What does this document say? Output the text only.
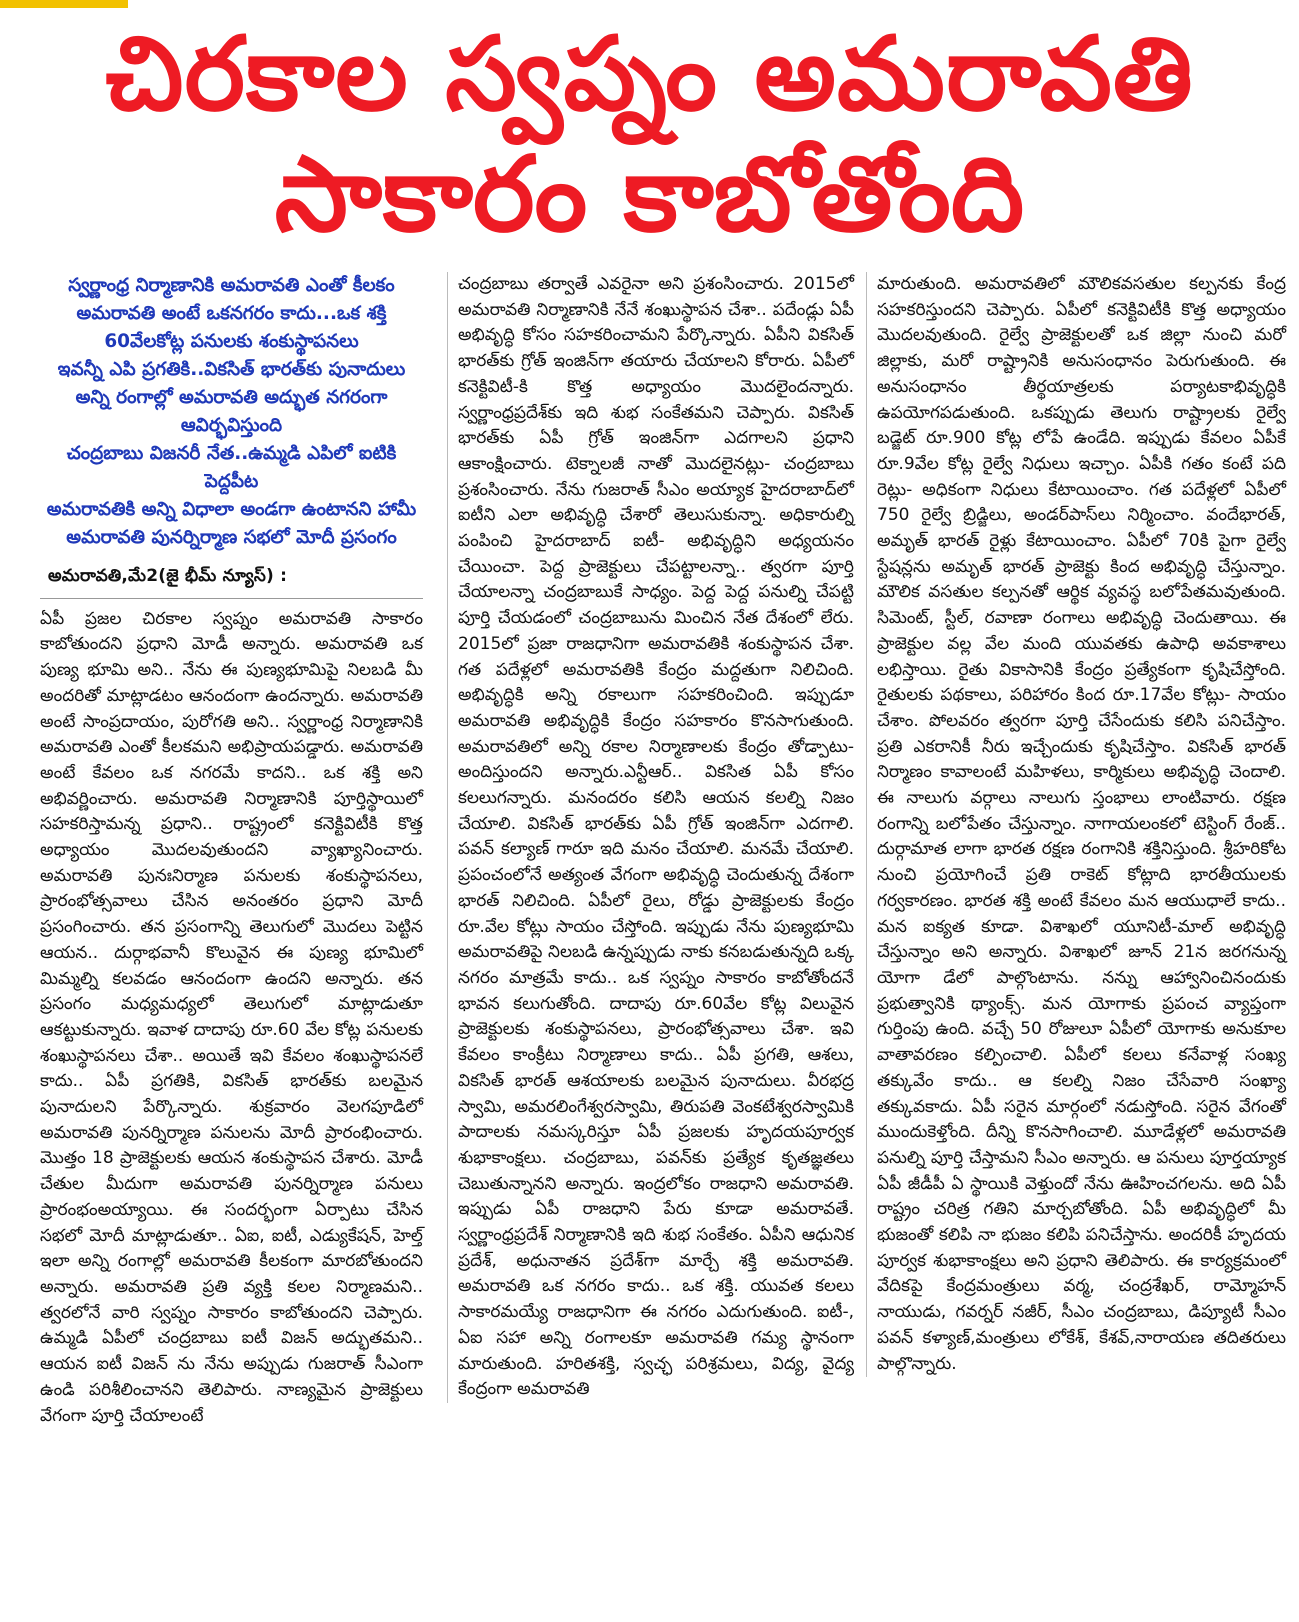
చిరకాల స్వప్నం అమరావతి
సాకారం కాబోతోంది
స్వర్ణాంధ్ర నిర్మాణానికి అమరావతి ఎంతో కీలకం
అమరావతి అంటే ఒకనగరం కాదు...ఒక శక్తి
60వేలకోట్ల పనులకు శంకుస్థాపనలు
ఇవన్నీ ఎపి ప్రగతికి..వికసిత్ భారత్‌కు పునాదులు
అన్ని రంగాల్లో అమరావతి అద్భుత నగరంగా ఆవిర్భవిస్తుంది
చంద్రబాబు విజనరీ నేత..ఉమ్మడి ఎపిలో ఐటికి పెద్దపీట
అమరావతికి అన్ని విధాలా అండగా ఉంటానని హామీ
అమరావతి పునర్నిర్మాణ సభలో మోదీ ప్రసంగం
అమరావతి,మే2(జై భీమ్ న్యూస్) :

ఏపీ ప్రజల చిరకాల స్వప్నం అమరావతి సాకారం కాబోతుందని ప్రధాని మోడీ అన్నారు. అమరావతి ఒక పుణ్య భూమి అని.. నేను ఈ పుణ్యభూమిపై నిలబడి మీ అందరితో మాట్లాడటం ఆనందంగా ఉందన్నారు. అమరావతి అంటే సాంప్రదాయం, పురోగతి అని.. స్వర్ణాంధ్ర నిర్మాణానికి అమరావతి ఎంతో కీలకమని అభిప్రాయపడ్డారు. అమరావతి అంటే కేవలం ఒక నగరమే కాదని.. ఒక శక్తి అని అభివర్ణించారు. అమరావతి నిర్మాణానికి పూర్తిస్థాయిలో సహకరిస్తామన్న ప్రధాని.. రాష్ట్రంలో కనెక్టివిటీకి కొత్త అధ్యాయం మొదలవుతుందని వ్యాఖ్యానించారు. అమరావతి పునఃనిర్మాణ పనులకు శంకుస్థాపనలు, ప్రారంభోత్సవాలు చేసిన అనంతరం ప్రధాని మోదీ ప్రసంగించారు. తన ప్రసంగాన్ని తెలుగులో మొదలు పెట్టిన ఆయన.. దుర్గాభవానీ కొలువైన ఈ పుణ్య భూమిలో మిమ్మల్ని కలవడం ఆనందంగా ఉందని అన్నారు. తన ప్రసంగం మధ్యమధ్యలో తెలుగులో మాట్లాడుతూ ఆకట్టుకున్నారు. ఇవాళ దాదాపు రూ.60 వేల కోట్ల పనులకు శంఖుస్థాపనలు చేశా.. అయితే ఇవి కేవలం శంఖుస్థాపనలే కాదు.. ఏపీ ప్రగతికి, వికసిత్ భారత్‌కు బలమైన పునాదులని పేర్కొన్నారు. శుక్రవారం వెలగపూడిలో అమరావతి పునర్నిర్మాణ పనులను మోదీ ప్రారంభించారు. మొత్తం 18 ప్రాజెక్టులకు ఆయన శంకుస్థాపన చేశారు. మోడీ చేతుల మీదుగా అమరావతి పునర్నిర్మాణ పనులు ప్రారంభంఅయ్యాయి. ఈ సందర్భంగా ఏర్పాటు చేసిన సభలో మోదీ మాట్లాడుతూ.. ఏఐ, ఐటీ, ఎడ్యుకేషన్, హెల్త్ ఇలా అన్ని రంగాల్లో అమరావతి కీలకంగా మారబోతుందని అన్నారు. అమరావతి ప్రతి వ్యక్తి కలల నిర్మాణమని.. త్వరలోనే వారి స్వప్నం సాకారం కాబోతుందని చెప్పారు. ఉమ్మడి ఏపీలో చంద్రబాబు ఐటీ విజన్ అద్భుతమని.. ఆయన ఐటీ విజన్ ను నేను అప్పుడు గుజరాత్ సీఎంగా ఉండి పరిశీలించానని తెలిపారు. నాణ్యమైన ప్రాజెక్టులు వేగంగా పూర్తి చేయాలంటే

చంద్రబాబు తర్వాతే ఎవరైనా అని ప్రశంసించారు. 2015లో అమరావతి నిర్మాణానికి నేనే శంఖుస్థాపన చేశా.. పదేండ్లు ఏపీ అభివృద్ధి కోసం సహకరించామని పేర్కొన్నారు. ఏపీని వికసిత్ భారత్‌కు గ్రోత్ ఇంజిన్‌గా తయారు చేయాలని కోరారు. ఏపీలో కనెక్టివిటీ-కి కొత్త అధ్యాయం మొదలైందన్నారు. స్వర్ణాంధ్రప్రదేశ్‌కు ఇది శుభ సంకేతమని చెప్పారు. వికసిత్ భారత్‌కు ఏపీ గ్రోత్ ఇంజిన్‌గా ఎదగాలని ప్రధాని ఆకాంక్షించారు. టెక్నాలజీ నాతో మొదలైనట్లు- చంద్రబాబు ప్రశంసించారు. నేను గుజరాత్ సీఎం అయ్యాక హైదరాబాద్‌లో ఐటీని ఎలా అభివృద్ధి చేశారో తెలుసుకున్నా. అధికారుల్ని పంపించి హైదరాబాద్ ఐటీ- అభివృద్ధిని అధ్యయనం చేయించా. పెద్ద ప్రాజెక్టులు చేపట్టాలన్నా.. త్వరగా పూర్తి చేయాలన్నా చంద్రబాబుకే సాధ్యం. పెద్ద పెద్ద పనుల్ని చేపట్టి పూర్తి చేయడంలో చంద్రబాబును మించిన నేత దేశంలో లేరు. 2015లో ప్రజా రాజధానిగా అమరావతికి శంకుస్థాపన చేశా. గత పదేళ్లలో అమరావతికి కేంద్రం మద్దతుగా నిలిచింది. అభివృద్ధికి అన్ని రకాలుగా సహకరించింది. ఇప్పుడూ అమరావతి అభివృద్ధికి కేంద్రం సహకారం కొనసాగుతుంది. అమరావతిలో అన్ని రకాల నిర్మాణాలకు కేంద్రం తోడ్పాటు- అందిస్తుందని అన్నారు.ఎన్టీఆర్.. వికసిత ఏపీ కోసం కలలుగన్నారు. మనందరం కలిసి ఆయన కలల్ని నిజం చేయాలి. వికసిత్ భారత్‌కు ఏపీ గ్రోత్ ఇంజిన్‌గా ఎదగాలి. పవన్ కల్యాణ్ గారూ ఇది మనం చేయాలి. మనమే చేయాలి. ప్రపంచంలోనే అత్యంత వేగంగా అభివృద్ధి చెందుతున్న దేశంగా భారత్ నిలిచింది. ఏపీలో రైలు, రోడ్డు ప్రాజెక్టులకు కేంద్రం రూ.వేల కోట్లు సాయం చేస్తోంది. ఇప్పుడు నేను పుణ్యభూమి అమరావతిపై నిలబడి ఉన్నప్పుడు నాకు కనబడుతున్నది ఒక్క నగరం మాత్రమే కాదు.. ఒక స్వప్నం సాకారం కాబోతోందనే భావన కలుగుతోంది. దాదాపు రూ.60వేల కోట్ల విలువైన ప్రాజెక్టులకు శంకుస్థాపనలు, ప్రారంభోత్సవాలు చేశా. ఇవి కేవలం కాంక్రీటు నిర్మాణాలు కాదు.. ఏపీ ప్రగతి, ఆశలు, వికసిత్ భారత్ ఆశయాలకు బలమైన పునాదులు. వీరభద్ర స్వామి, అమరలింగేశ్వరస్వామి, తిరుపతి వెంకటేశ్వరస్వామికి పాదాలకు నమస్కరిస్తూ ఏపీ ప్రజలకు హృదయపూర్వక శుభాకాంక్షలు. చంద్రబాబు, పవన్‌కు ప్రత్యేక కృతజ్ఞతలు చెబుతున్నానని అన్నారు. ఇంద్రలోకం రాజధాని అమరావతి. ఇప్పుడు ఏపీ రాజధాని పేరు కూడా అమరావతే. స్వర్ణాంధ్రప్రదేశ్ నిర్మాణానికి ఇది శుభ సంకేతం. ఏపీని ఆధునిక ప్రదేశ్, అధునాతన ప్రదేశ్‌గా మార్చే శక్తి అమరావతి. అమరావతి ఒక నగరం కాదు.. ఒక శక్తి. యువత కలలు సాకారమయ్యే రాజధానిగా ఈ నగరం ఎదుగుతుంది. ఐటీ-, ఏఐ సహా అన్ని రంగాలకూ అమరావతి గమ్య స్థానంగా మారుతుంది. హరితశక్తి, స్వచ్ఛ పరిశ్రమలు, విద్య, వైద్య కేంద్రంగా అమరావతి

మారుతుంది. అమరావతిలో మౌలికవసతుల కల్పనకు కేంద్ర సహకరిస్తుందని చెప్పారు. ఏపీలో కనెక్టివిటీకి కొత్త అధ్యాయం మొదలవుతుంది. రైల్వే ప్రాజెక్టులతో ఒక జిల్లా నుంచి మరో జిల్లాకు, మరో రాష్ట్రానికి అనుసంధానం పెరుగుతుంది. ఈ అనుసంధానం తీర్థయాత్రలకు పర్యాటకాభివృద్ధికి ఉపయోగపడుతుంది. ఒకప్పుడు తెలుగు రాష్ట్రాలకు రైల్వే బడ్జెట్ రూ.900 కోట్ల లోపే ఉండేది. ఇప్పుడు కేవలం ఏపీకే రూ.9వేల కోట్ల రైల్వే నిధులు ఇచ్చాం. ఏపీకి గతం కంటే పది రెట్లు- అధికంగా నిధులు కేటాయించాం. గత పదేళ్లలో ఏపీలో 750 రైల్వే బ్రిడ్జిలు, అండర్‌పాస్‌లు నిర్మించాం. వందేభారత్, అమృత్ భారత్ రైళ్లు కేటాయించాం. ఏపీలో 70కి పైగా రైల్వే స్టేషన్లను అమృత్ భారత్ ప్రాజెక్టు కింద అభివృద్ధి చేస్తున్నాం. మౌలిక వసతుల కల్పనతో ఆర్థిక వ్యవస్థ బలోపేతమవుతుంది. సిమెంట్, స్టీల్, రవాణా రంగాలు అభివృద్ధి చెందుతాయి. ఈ ప్రాజెక్టుల వల్ల వేల మంది యువతకు ఉపాధి అవకాశాలు లభిస్తాయి. రైతు వికాసానికి కేంద్రం ప్రత్యేకంగా కృషిచేస్తోంది. రైతులకు పథకాలు, పరిహారం కింద రూ.17వేల కోట్లు- సాయం చేశాం. పోలవరం త్వరగా పూర్తి చేసేందుకు కలిసి పనిచేస్తాం. ప్రతి ఎకరానికీ నీరు ఇచ్చేందుకు కృషిచేస్తాం. వికసిత్ భారత్ నిర్మాణం కావాలంటే మహిళలు, కార్మికులు అభివృద్ధి చెందాలి. ఈ నాలుగు వర్గాలు నాలుగు స్తంభాలు లాంటివారు. రక్షణ రంగాన్ని బలోపేతం చేస్తున్నాం. నాగాయలంకలో టెస్టింగ్ రేంజ్.. దుర్గామాత లాగా భారత రక్షణ రంగానికి శక్తినిస్తుంది. శ్రీహరికోట నుంచి ప్రయోగించే ప్రతి రాకెట్ కోట్లాది భారతీయులకు గర్వకారణం. భారత శక్తి అంటే కేవలం మన ఆయుధాలే కాదు.. మన ఐక్యత కూడా. విశాఖలో యూనిటీ-మాల్ అభివృద్ధి చేస్తున్నాం అని అన్నారు. విశాఖలో జూన్ 21న జరగనున్న యోగా డేలో పాల్గొంటాను. నన్ను ఆహ్వానించినందుకు ప్రభుత్వానికి థ్యాంక్స్. మన యోగాకు ప్రపంచ వ్యాప్తంగా గుర్తింపు ఉంది. వచ్చే 50 రోజులూ ఏపీలో యోగాకు అనుకూల వాతావరణం కల్పించాలి. ఏపీలో కలలు కనేవాళ్ల సంఖ్య తక్కువేం కాదు.. ఆ కలల్ని నిజం చేసేవారి సంఖ్యా తక్కువకాదు. ఏపీ సరైన మార్గంలో నడుస్తోంది. సరైన వేగంతో ముందుకెళ్తోంది. దీన్ని కొనసాగించాలి. మూడేళ్లలో అమరావతి పనుల్ని పూర్తి చేస్తామని సీఎం అన్నారు. ఆ పనులు పూర్తయ్యాక ఏపీ జీడీపీ ఏ స్థాయికి వెళ్తుందో నేను ఊహించగలను. అది ఏపీ రాష్ట్రం చరిత్ర గతిని మార్చబోతోంది. ఏపీ అభివృద్ధిలో మీ భుజంతో కలిపి నా భుజం కలిపి పనిచేస్తాను. అందరికీ హృదయ పూర్వక శుభాకాంక్షలు అని ప్రధాని తెలిపారు. ఈ కార్యక్రమంలో వేదికపై కేంద్రమంత్రులు వర్మ, చంద్రశేఖర్, రామ్మోహన్ నాయుడు, గవర్నర్ నజీర్, సీఎం చంద్రబాబు, డిప్యూటీ సీఎం పవన్ కళ్యాణ్,మంత్రులు లోకేశ్, కేశవ్,నారాయణ తదితరులు పాల్గొన్నారు.
